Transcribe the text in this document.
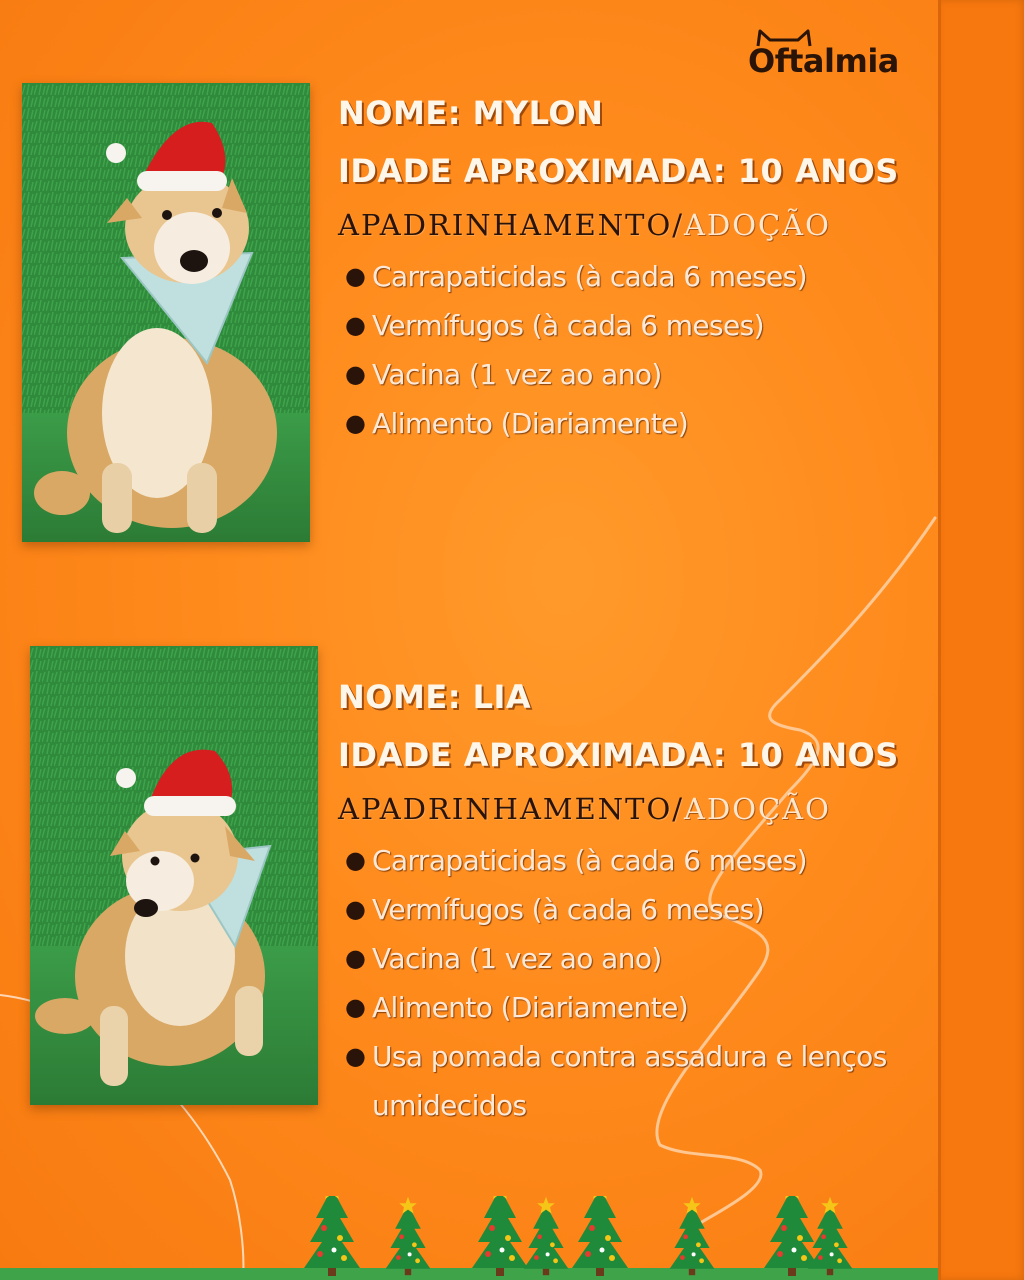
Oftalmia
NOME: MYLON
IDADE APROXIMADA: 10 ANOS
APADRINHAMENTO/ADOÇÃO
● Carrapaticidas (à cada 6 meses)
● Vermífugos (à cada 6 meses)
● Vacina (1 vez ao ano)
● Alimento (Diariamente)
NOME: LIA
IDADE APROXIMADA: 10 ANOS
APADRINHAMENTO/ADOÇÃO
● Carrapaticidas (à cada 6 meses)
● Vermífugos (à cada 6 meses)
● Vacina (1 vez ao ano)
● Alimento (Diariamente)
● Usa pomada contra assadura e lenços umidecidos
